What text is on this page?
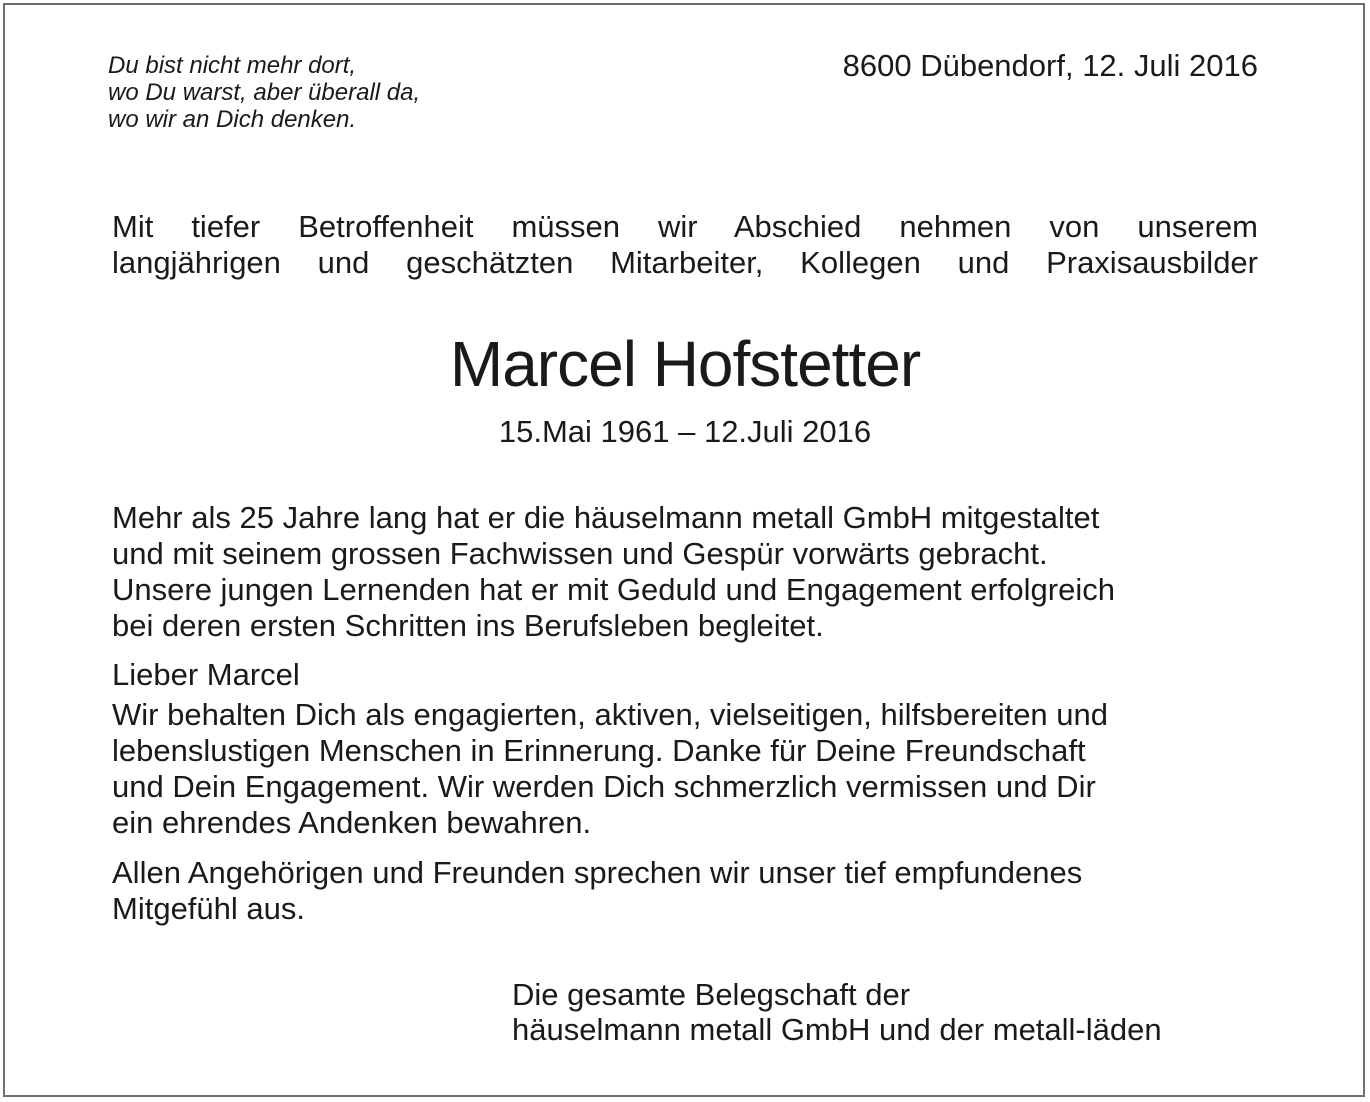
Du bist nicht mehr dort,
wo Du warst, aber überall da,
wo wir an Dich denken.
8600 Dübendorf, 12. Juli 2016
Mit tiefer Betroffenheit müssen wir Abschied nehmen von unserem
langjährigen und geschätzten Mitarbeiter, Kollegen und Praxisausbilder
Marcel Hofstetter
15.Mai 1961 – 12.Juli 2016
Mehr als 25 Jahre lang hat er die häuselmann metall GmbH mitgestaltet
und mit seinem grossen Fachwissen und Gespür vorwärts gebracht.
Unsere jungen Lernenden hat er mit Geduld und Engagement erfolgreich
bei deren ersten Schritten ins Berufsleben begleitet.
Lieber Marcel
Wir behalten Dich als engagierten, aktiven, vielseitigen, hilfsbereiten und
lebenslustigen Menschen in Erinnerung. Danke für Deine Freundschaft
und Dein Engagement. Wir werden Dich schmerzlich vermissen und Dir
ein ehrendes Andenken bewahren.
Allen Angehörigen und Freunden sprechen wir unser tief empfundenes
Mitgefühl aus.
Die gesamte Belegschaft der
häuselmann metall GmbH und der metall-läden
